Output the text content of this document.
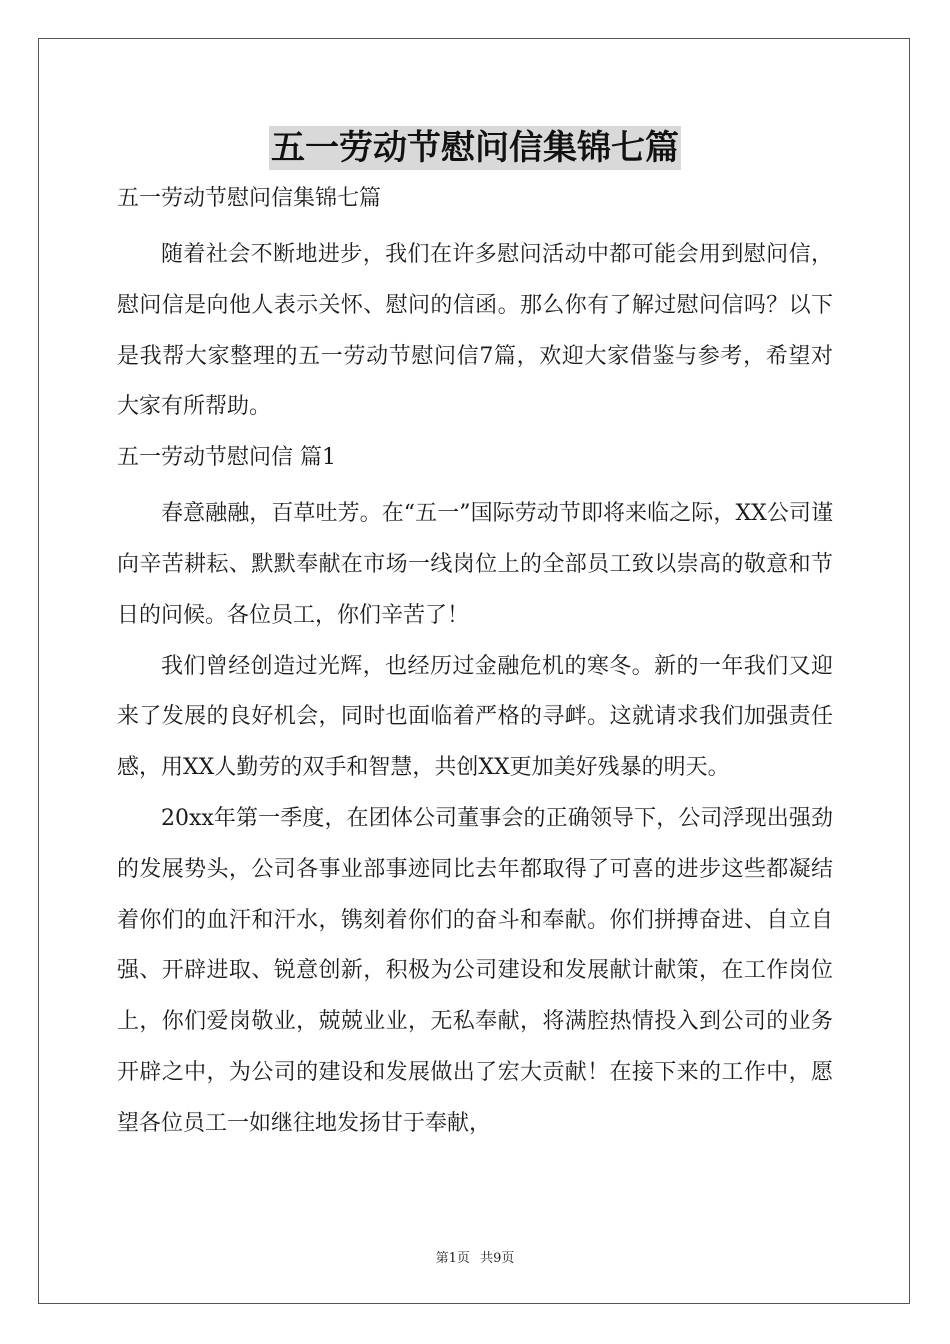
五一劳动节慰问信集锦七篇

五一劳动节慰问信集锦七篇

随着社会不断地进步，我们在许多慰问活动中都可能会用到慰问信，慰问信是向他人表示关怀、慰问的信函。那么你有了解过慰问信吗？以下是我帮大家整理的五一劳动节慰问信7篇，欢迎大家借鉴与参考，希望对大家有所帮助。

五一劳动节慰问信 篇1

春意融融，百草吐芳。在“五一”国际劳动节即将来临之际，XX公司谨向辛苦耕耘、默默奉献在市场一线岗位上的全部员工致以崇高的敬意和节日的问候。各位员工，你们辛苦了！

我们曾经创造过光辉，也经历过金融危机的寒冬。新的一年我们又迎来了发展的良好机会，同时也面临着严格的寻衅。这就请求我们加强责任感，用XX人勤劳的双手和智慧，共创XX更加美好残暴的明天。

20xx年第一季度，在团体公司董事会的正确领导下，公司浮现出强劲的发展势头，公司各事业部事迹同比去年都取得了可喜的进步这些都凝结着你们的血汗和汗水，镌刻着你们的奋斗和奉献。你们拼搏奋进、自立自强、开辟进取、锐意创新，积极为公司建设和发展献计献策，在工作岗位上，你们爱岗敬业，兢兢业业，无私奉献，将满腔热情投入到公司的业务开辟之中，为公司的建设和发展做出了宏大贡献！在接下来的工作中，愿望各位员工一如继往地发扬甘于奉献，

第1页 共9页
